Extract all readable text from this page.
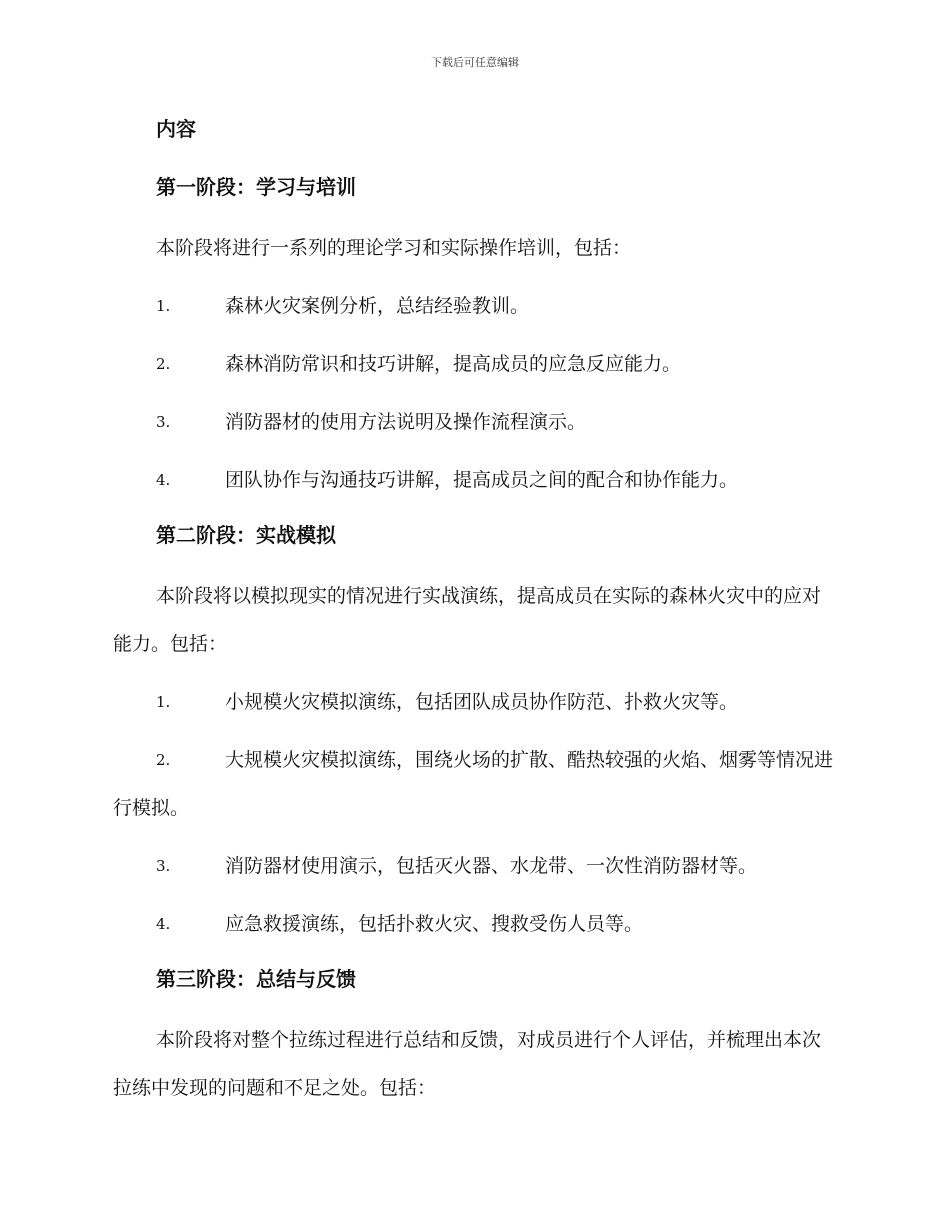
下载后可任意编辑
内容
第一阶段：学习与培训
本阶段将进行一系列的理论学习和实际操作培训，包括：
1.	森林火灾案例分析，总结经验教训。
2.	森林消防常识和技巧讲解，提高成员的应急反应能力。
3.	消防器材的使用方法说明及操作流程演示。
4.	团队协作与沟通技巧讲解，提高成员之间的配合和协作能力。
第二阶段：实战模拟
本阶段将以模拟现实的情况进行实战演练，提高成员在实际的森林火灾中的应对能力。包括：
1.	小规模火灾模拟演练，包括团队成员协作防范、扑救火灾等。
2.	大规模火灾模拟演练，围绕火场的扩散、酷热较强的火焰、烟雾等情况进行模拟。
3.	消防器材使用演示，包括灭火器、水龙带、一次性消防器材等。
4.	应急救援演练，包括扑救火灾、搜救受伤人员等。
第三阶段：总结与反馈
本阶段将对整个拉练过程进行总结和反馈，对成员进行个人评估，并梳理出本次拉练中发现的问题和不足之处。包括：
